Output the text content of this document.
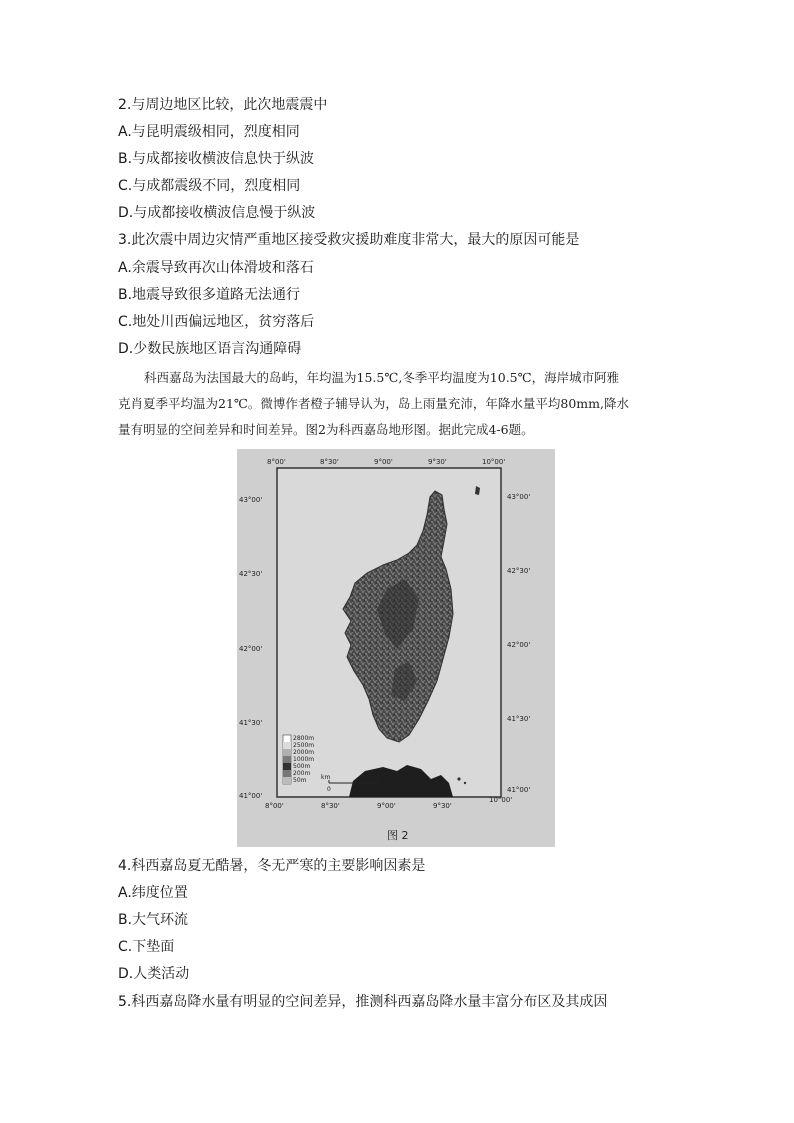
2.与周边地区比较，此次地震震中
A.与昆明震级相同，烈度相同
B.与成都接收横波信息快于纵波
C.与成都震级不同，烈度相同
D.与成都接收横波信息慢于纵波
3.此次震中周边灾情严重地区接受救灾援助难度非常大，最大的原因可能是
A.余震导致再次山体滑坡和落石
B.地震导致很多道路无法通行
C.地处川西偏远地区，贫穷落后
D.少数民族地区语言沟通障碍
科西嘉岛为法国最大的岛屿，年均温为15.5℃,冬季平均温度为10.5℃，海岸城市阿雅
克肖夏季平均温为21℃。微博作者橙子辅导认为，岛上雨量充沛，年降水量平均80mm,降水
量有明显的空间差异和时间差异。图2为科西嘉岛地形图。据此完成4-6题。
2800m
2500m
2000m
1000m
500m
200m
50m km
0	50
8°00'	8°30'	9°00'	9°30'	10°00'
8°00'	8°30'	9°00'	9°30'
10°00'
43°00'
42°30'
42°00'
41°30'
41°00'
43°00'
42°30'
42°00'
41°30'
41°00'
图 2
4.科西嘉岛夏无酷暑，冬无严寒的主要影响因素是
A.纬度位置
B.大气环流
C.下垫面
D.人类活动
5.科西嘉岛降水量有明显的空间差异，推测科西嘉岛降水量丰富分布区及其成因
